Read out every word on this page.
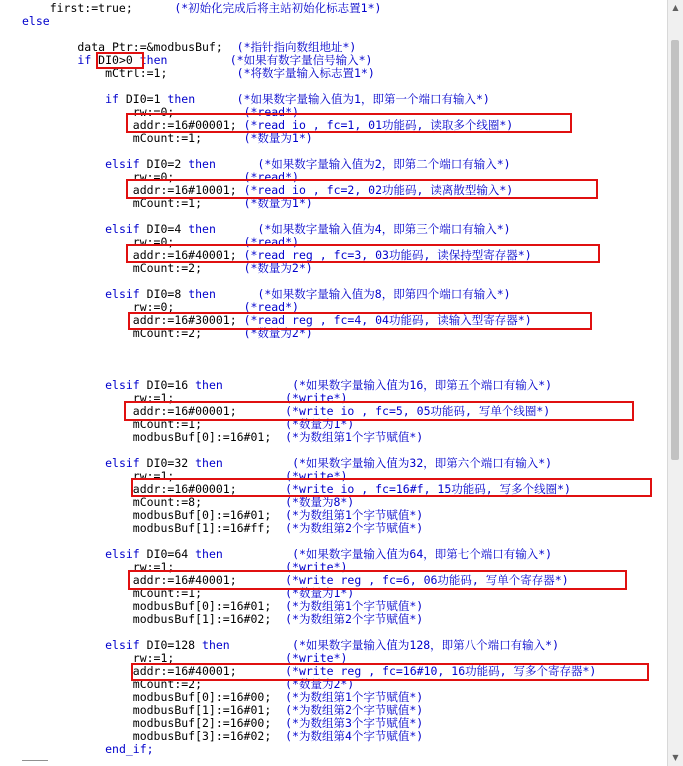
first:=true;      (*初始化完成后将主站初始化标志置1*)
else
data_Ptr:=&modbusBuf;  (*指针指向数组地址*)
if DI0>0 then	(*如果有数字量信号输入*)
mCtrl:=1;          (*将数字量输入标志置1*)
if DI0=1 then	(*如果数字量输入值为1，即第一个端口有输入*)
rw:=0;          (*read*)
addr:=16#00001; (*read io , fc=1, 01功能码, 读取多个线圈*)
mCount:=1;      (*数量为1*)
elsif DI0=2 then	(*如果数字量输入值为2，即第二个端口有输入*)
rw:=0;          (*read*)
addr:=16#10001; (*read io , fc=2, 02功能码, 读离散型输入*)
mCount:=1;      (*数量为1*)
elsif DI0=4 then	(*如果数字量输入值为4，即第三个端口有输入*)
rw:=0;          (*read*)
addr:=16#40001; (*read reg , fc=3, 03功能码, 读保持型寄存器*)
mCount:=2;      (*数量为2*)
elsif DI0=8 then	(*如果数字量输入值为8，即第四个端口有输入*)
rw:=0;          (*read*)
addr:=16#30001; (*read reg , fc=4, 04功能码, 读输入型寄存器*)
mCount:=2;      (*数量为2*)
elsif DI0=16 then	(*如果数字量输入值为16，即第五个端口有输入*)
rw:=1;                (*write*)
addr:=16#00001;       (*write io , fc=5, 05功能码, 写单个线圈*)
mCount:=1;            (*数量为1*)
modbusBuf[0]:=16#01;  (*为数组第1个字节赋值*)
elsif DI0=32 then	(*如果数字量输入值为32，即第六个端口有输入*)
rw:=1;                (*write*)
addr:=16#00001;       (*write io , fc=16#f, 15功能码, 写多个线圈*)
mCount:=8;            (*数量为8*)
modbusBuf[0]:=16#01;  (*为数组第1个字节赋值*)
modbusBuf[1]:=16#ff;  (*为数组第2个字节赋值*)
elsif DI0=64 then	(*如果数字量输入值为64，即第七个端口有输入*)
rw:=1;                (*write*)
addr:=16#40001;       (*write reg , fc=6, 06功能码, 写单个寄存器*)
mCount:=1;            (*数量为1*)
modbusBuf[0]:=16#01;  (*为数组第1个字节赋值*)
modbusBuf[1]:=16#02;  (*为数组第2个字节赋值*)
elsif DI0=128 then	(*如果数字量输入值为128，即第八个端口有输入*)
rw:=1;                (*write*)
addr:=16#40001;       (*write reg , fc=16#10, 16功能码, 写多个寄存器*)
mCount:=2;            (*数量为2*)
modbusBuf[0]:=16#00;  (*为数组第1个字节赋值*)
modbusBuf[1]:=16#01;  (*为数组第2个字节赋值*)
modbusBuf[2]:=16#00;  (*为数组第3个字节赋值*)
modbusBuf[3]:=16#02;  (*为数组第4个字节赋值*)
end_if;
▲
▼
